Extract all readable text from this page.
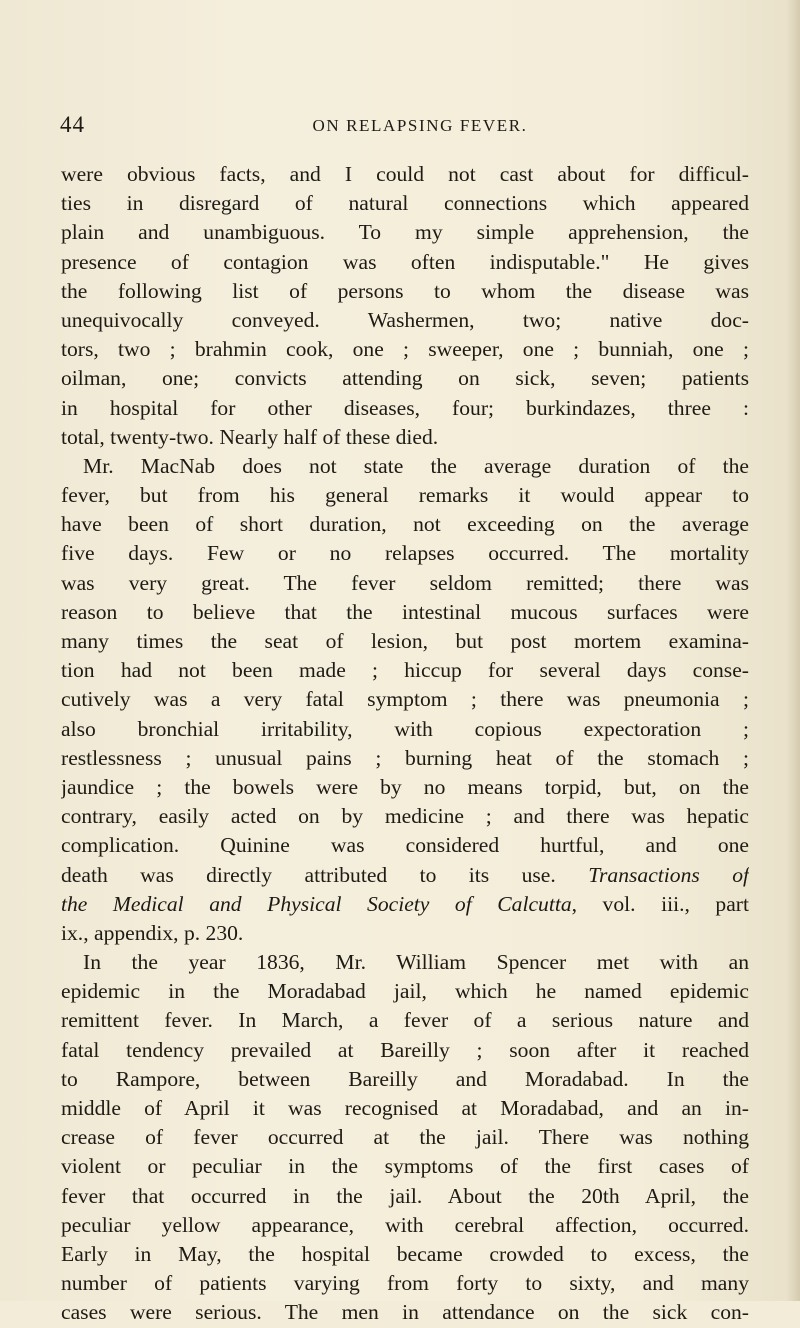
44	ON RELAPSING FEVER.
were obvious facts, and I could not cast about for difficul-
ties in disregard of natural connections which appeared
plain and unambiguous. To my simple apprehension, the
presence of contagion was often indisputable." He gives
the following list of persons to whom the disease was
unequivocally conveyed. Washermen, two; native doc-
tors, two ; brahmin cook, one ; sweeper, one ; bunniah, one ;
oilman, one; convicts attending on sick, seven; patients
in hospital for other diseases, four; burkindazes, three :
total, twenty-two. Nearly half of these died.
Mr. MacNab does not state the average duration of the
fever, but from his general remarks it would appear to
have been of short duration, not exceeding on the average
five days. Few or no relapses occurred. The mortality
was very great. The fever seldom remitted; there was
reason to believe that the intestinal mucous surfaces were
many times the seat of lesion, but post mortem examina-
tion had not been made ; hiccup for several days conse-
cutively was a very fatal symptom ; there was pneumonia ;
also bronchial irritability, with copious expectoration ;
restlessness ; unusual pains ; burning heat of the stomach ;
jaundice ; the bowels were by no means torpid, but, on the
contrary, easily acted on by medicine ; and there was hepatic
complication. Quinine was considered hurtful, and one
death was directly attributed to its use. Transactions of
the Medical and Physical Society of Calcutta, vol. iii., part
ix., appendix, p. 230.
In the year 1836, Mr. William Spencer met with an
epidemic in the Moradabad jail, which he named epidemic
remittent fever. In March, a fever of a serious nature and
fatal tendency prevailed at Bareilly ; soon after it reached
to Rampore, between Bareilly and Moradabad. In the
middle of April it was recognised at Moradabad, and an in-
crease of fever occurred at the jail. There was nothing
violent or peculiar in the symptoms of the first cases of
fever that occurred in the jail. About the 20th April, the
peculiar yellow appearance, with cerebral affection, occurred.
Early in May, the hospital became crowded to excess, the
number of patients varying from forty to sixty, and many
cases were serious. The men in attendance on the sick con-
